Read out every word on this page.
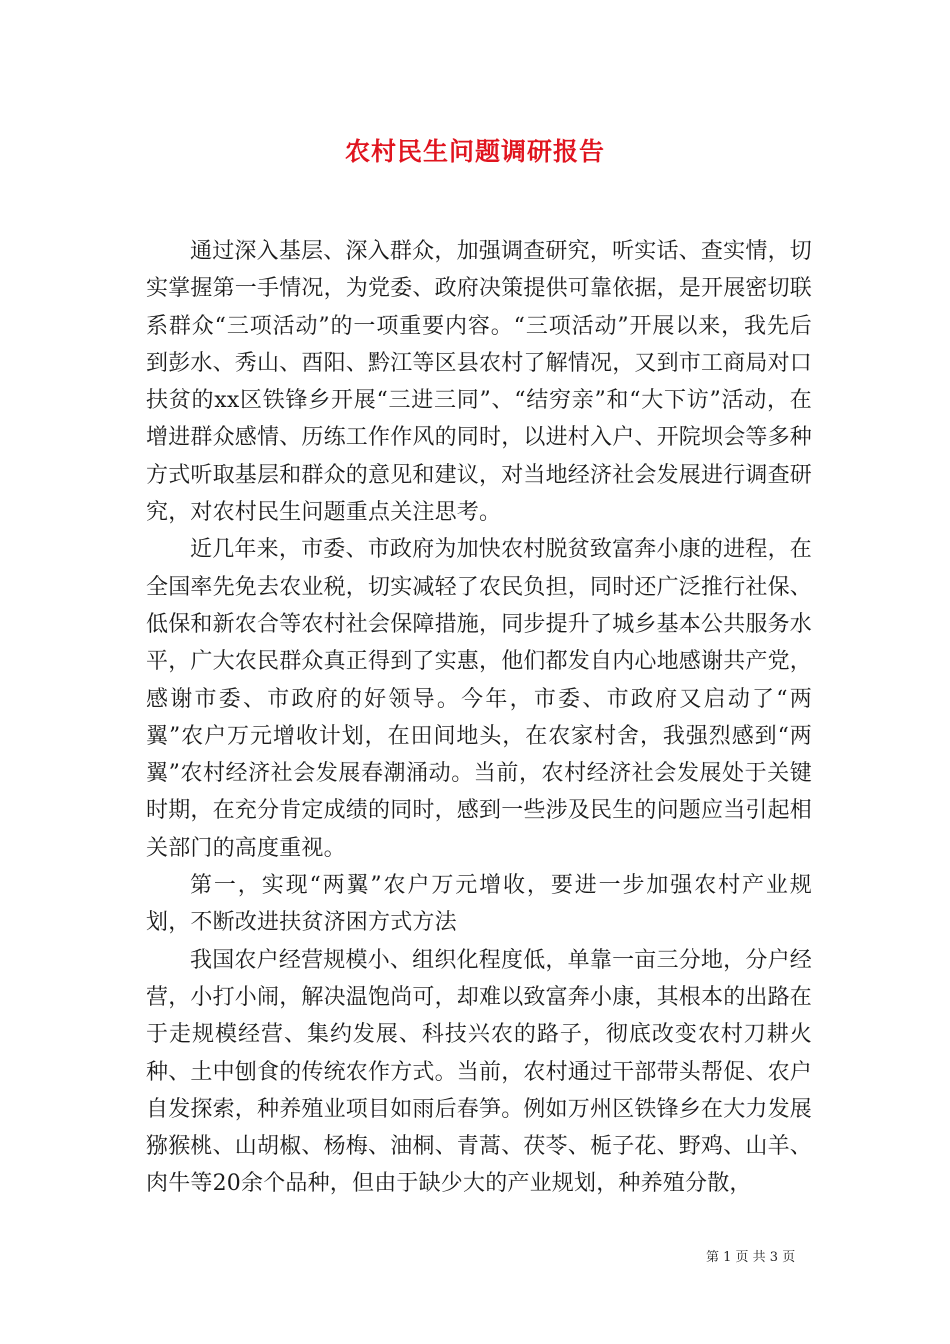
农村民生问题调研报告

通过深入基层、深入群众，加强调查研究，听实话、查实情，切实掌握第一手情况，为党委、政府决策提供可靠依据，是开展密切联系群众“三项活动”的一项重要内容。“三项活动”开展以来，我先后到彭水、秀山、酉阳、黔江等区县农村了解情况，又到市工商局对口扶贫的xx区铁锋乡开展“三进三同”、“结穷亲”和“大下访”活动，在增进群众感情、历练工作作风的同时，以进村入户、开院坝会等多种方式听取基层和群众的意见和建议，对当地经济社会发展进行调查研究，对农村民生问题重点关注思考。

近几年来，市委、市政府为加快农村脱贫致富奔小康的进程，在全国率先免去农业税，切实减轻了农民负担，同时还广泛推行社保、低保和新农合等农村社会保障措施，同步提升了城乡基本公共服务水平，广大农民群众真正得到了实惠，他们都发自内心地感谢共产党，感谢市委、市政府的好领导。今年，市委、市政府又启动了“两翼”农户万元增收计划，在田间地头，在农家村舍，我强烈感到“两翼”农村经济社会发展春潮涌动。当前，农村经济社会发展处于关键时期，在充分肯定成绩的同时，感到一些涉及民生的问题应当引起相关部门的高度重视。

第一，实现“两翼”农户万元增收，要进一步加强农村产业规划，不断改进扶贫济困方式方法

我国农户经营规模小、组织化程度低，单靠一亩三分地，分户经营，小打小闹，解决温饱尚可，却难以致富奔小康，其根本的出路在于走规模经营、集约发展、科技兴农的路子，彻底改变农村刀耕火种、土中刨食的传统农作方式。当前，农村通过干部带头帮促、农户自发探索，种养殖业项目如雨后春笋。例如万州区铁锋乡在大力发展猕猴桃、山胡椒、杨梅、油桐、青蒿、茯苓、栀子花、野鸡、山羊、肉牛等20余个品种，但由于缺少大的产业规划，种养殖分散，

第 1 页 共 3 页
